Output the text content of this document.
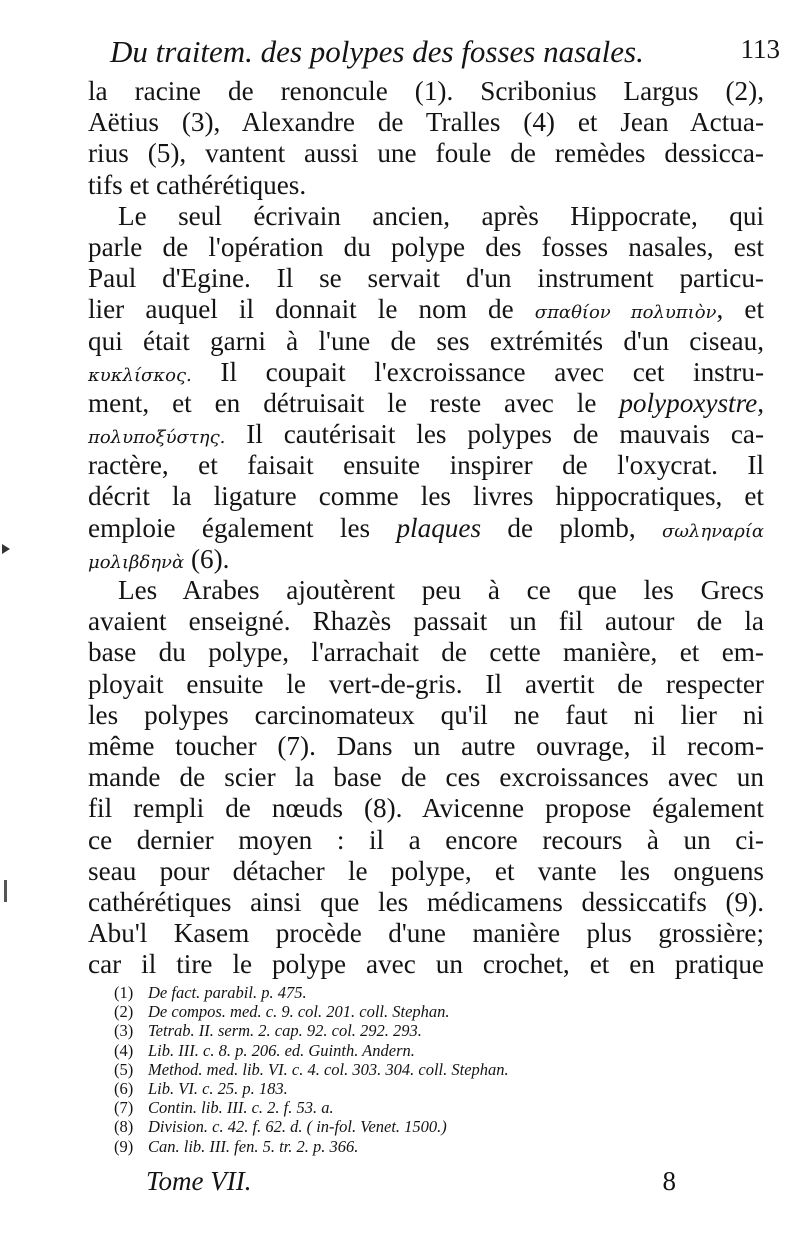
Du traitem. des polypes des fosses nasales.	113
la racine de renoncule (1). Scribonius Largus (2),
Aëtius (3), Alexandre de Tralles (4) et Jean Actua-
rius (5), vantent aussi une foule de remèdes dessicca-
tifs et cathérétiques.
Le seul écrivain ancien, après Hippocrate, qui
parle de l'opération du polype des fosses nasales, est
Paul d'Egine. Il se servait d'un instrument particu-
lier auquel il donnait le nom de σπαθίον πολυπιὸν, et
qui était garni à l'une de ses extrémités d'un ciseau,
κυκλίσκος. Il coupait l'excroissance avec cet instru-
ment, et en détruisait le reste avec le polypoxystre,
πολυποξύστης. Il cautérisait les polypes de mauvais ca-
ractère, et faisait ensuite inspirer de l'oxycrat. Il
décrit la ligature comme les livres hippocratiques, et
emploie également les plaques de plomb, σωληναρία
μολιβδηνὰ (6).
Les Arabes ajoutèrent peu à ce que les Grecs
avaient enseigné. Rhazès passait un fil autour de la
base du polype, l'arrachait de cette manière, et em-
ployait ensuite le vert-de-gris. Il avertit de respecter
les polypes carcinomateux qu'il ne faut ni lier ni
même toucher (7). Dans un autre ouvrage, il recom-
mande de scier la base de ces excroissances avec un
fil rempli de nœuds (8). Avicenne propose également
ce dernier moyen : il a encore recours à un ci-
seau pour détacher le polype, et vante les onguens
cathérétiques ainsi que les médicamens dessiccatifs (9).
Abu'l Kasem procède d'une manière plus grossière;
car il tire le polype avec un crochet, et en pratique
(1) De fact. parabil. p. 475.
(2) De compos. med. c. 9. col. 201. coll. Stephan.
(3) Tetrab. II. serm. 2. cap. 92. col. 292. 293.
(4) Lib. III. c. 8. p. 206. ed. Guinth. Andern.
(5) Method. med. lib. VI. c. 4. col. 303. 304. coll. Stephan.
(6) Lib. VI. c. 25. p. 183.
(7) Contin. lib. III. c. 2. f. 53. a.
(8) Division. c. 42. f. 62. d. ( in-fol. Venet. 1500.)
(9) Can. lib. III. fen. 5. tr. 2. p. 366.
Tome VII.	8
